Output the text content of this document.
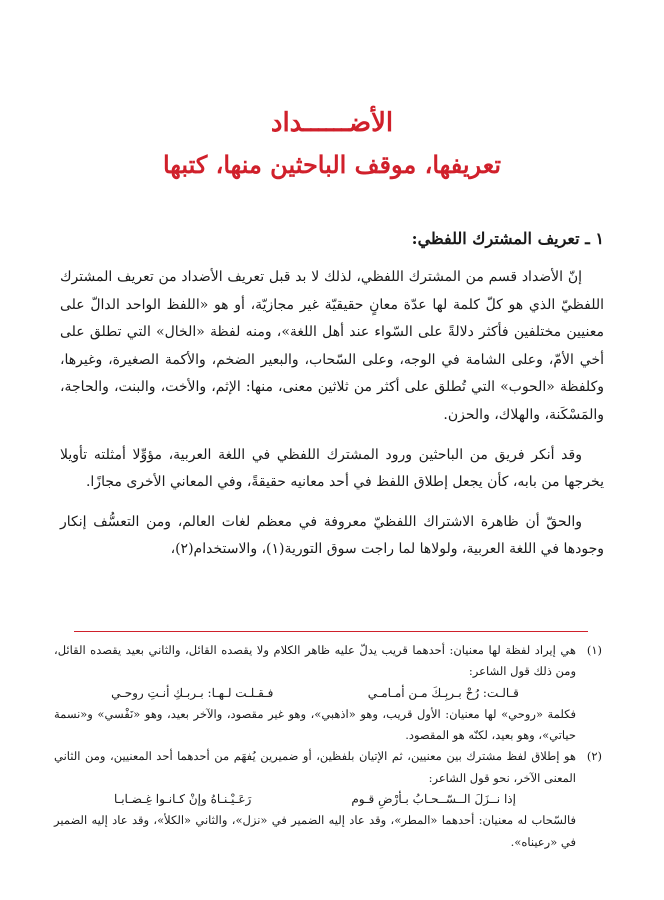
الأضــــــداد
تعريفها، موقف الباحثين منها، كتبها
١ ـ تعريف المشترك اللفظي:

إنّ الأضداد قسم من المشترك اللفظي، لذلك لا بد قبل تعريف الأضداد من تعريف المشترك اللفظيّ الذي هو كلّ كلمة لها عدّة معانٍ حقيقيّة غير مجازيّة، أو هو «اللفظ الواحد الدالّ على معنيين مختلفين فأكثر دلالةً على السّواء عند أهل اللغة»، ومنه لفظة «الخال» التي تطلق على أخي الأمّ، وعلى الشامة في الوجه، وعلى السّحاب، والبعير الضخم، والأكمة الصغيرة، وغيرها، وكلفظة «الحوب» التي تُطلق على أكثر من ثلاثين معنى، منها: الإثم، والأخت، والبنت، والحاجة، والمَسْكَنة، والهلاك، والحزن.

وقد أنكر فريق من الباحثين ورود المشترك اللفظي في اللغة العربية، مؤوِّلا أمثلته تأويلا يخرجها من بابه، كأن يجعل إطلاق اللفظ في أحد معانيه حقيقةً، وفي المعاني الأخرى مجازًا.

والحقّ أن ظاهرة الاشتراك اللفظيّ معروفة في معظم لغات العالم، ومن التعسُّف إنكار وجودها في اللغة العربية، ولولاها لما راجت سوق التورية(١)، والاستخدام(٢)،

(١)
هي إيراد لفظة لها معنيان: أحدهما قريب يدلّ عليه ظاهر الكلام ولا يقصده القائل، والثاني بعيد يقصده القائل، ومن ذلك قول الشاعر:
قـالـت: رُحْ بـربِـكَ مـن أمـامـي
فـقـلـت لـهـا: بـربـكِ أنـتِ روحـي
فكلمة «روحي» لها معنيان: الأول قريب، وهو «اذهبي»، وهو غير مقصود، والآخر بعيد، وهو «نَفْسي» و«نسمة حياتي»، وهو بعيد، لكنّه هو المقصود.
(٢)
هو إطلاق لفظ مشترك بين معنيين، ثم الإتيان بلفظين، أو ضميرين يُفهَم من أحدهما أحد المعنيين، ومن الثاني المعنى الآخر، نحو قول الشاعر:
إذا نــزَلَ الــسّــحـابُ بـأرْضِ قـوم
رَعَـيْـنـاهُ وإنْ كـانـوا غِـضـابـا
فالسّحاب له معنيان: أحدهما «المطر»، وقد عاد إليه الضمير في «نزل»، والثاني «الكلأ»، وقد عاد إليه الضمير في «رعيناه».
